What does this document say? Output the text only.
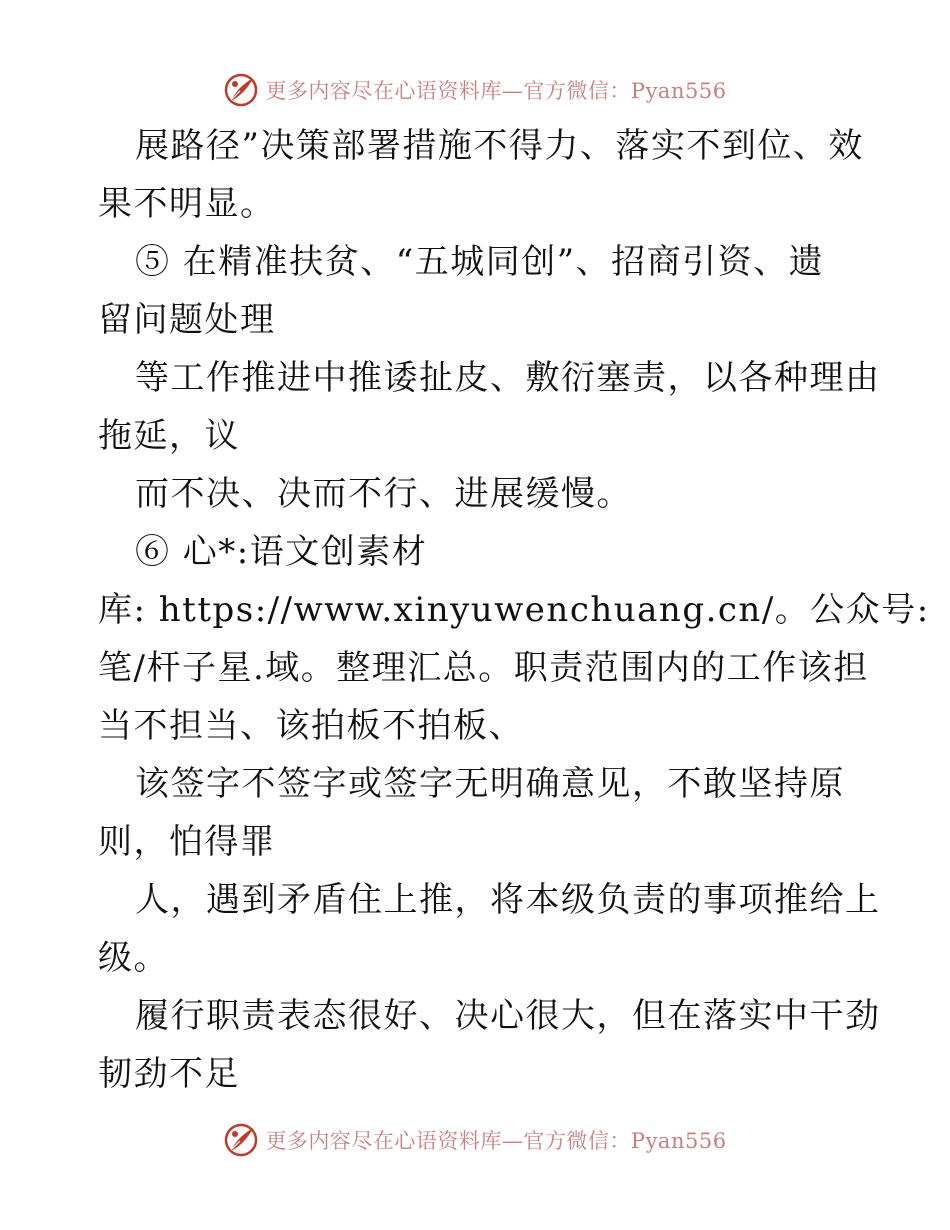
更多内容尽在心语资料库—官方微信：Pyan556
展路径”决策部署措施不得力、落实不到位、效
果不明显。
⑤ 在精准扶贫、“五城同创”、招商引资、遗
留问题处理
等工作推进中推诿扯皮、敷衍塞责，以各种理由
拖延，议
而不决、决而不行、进展缓慢。
⑥ 心*:语文创素材
库: https://www.xinyuwenchuang.cn/。公众号:
笔/杆子星.域。整理汇总。职责范围内的工作该担
当不担当、该拍板不拍板、
该签字不签字或签字无明确意见，不敢坚持原
则，怕得罪
人，遇到矛盾住上推，将本级负责的事项推给上
级。
履行职责表态很好、决心很大，但在落实中干劲
韧劲不足
更多内容尽在心语资料库—官方微信：Pyan556
